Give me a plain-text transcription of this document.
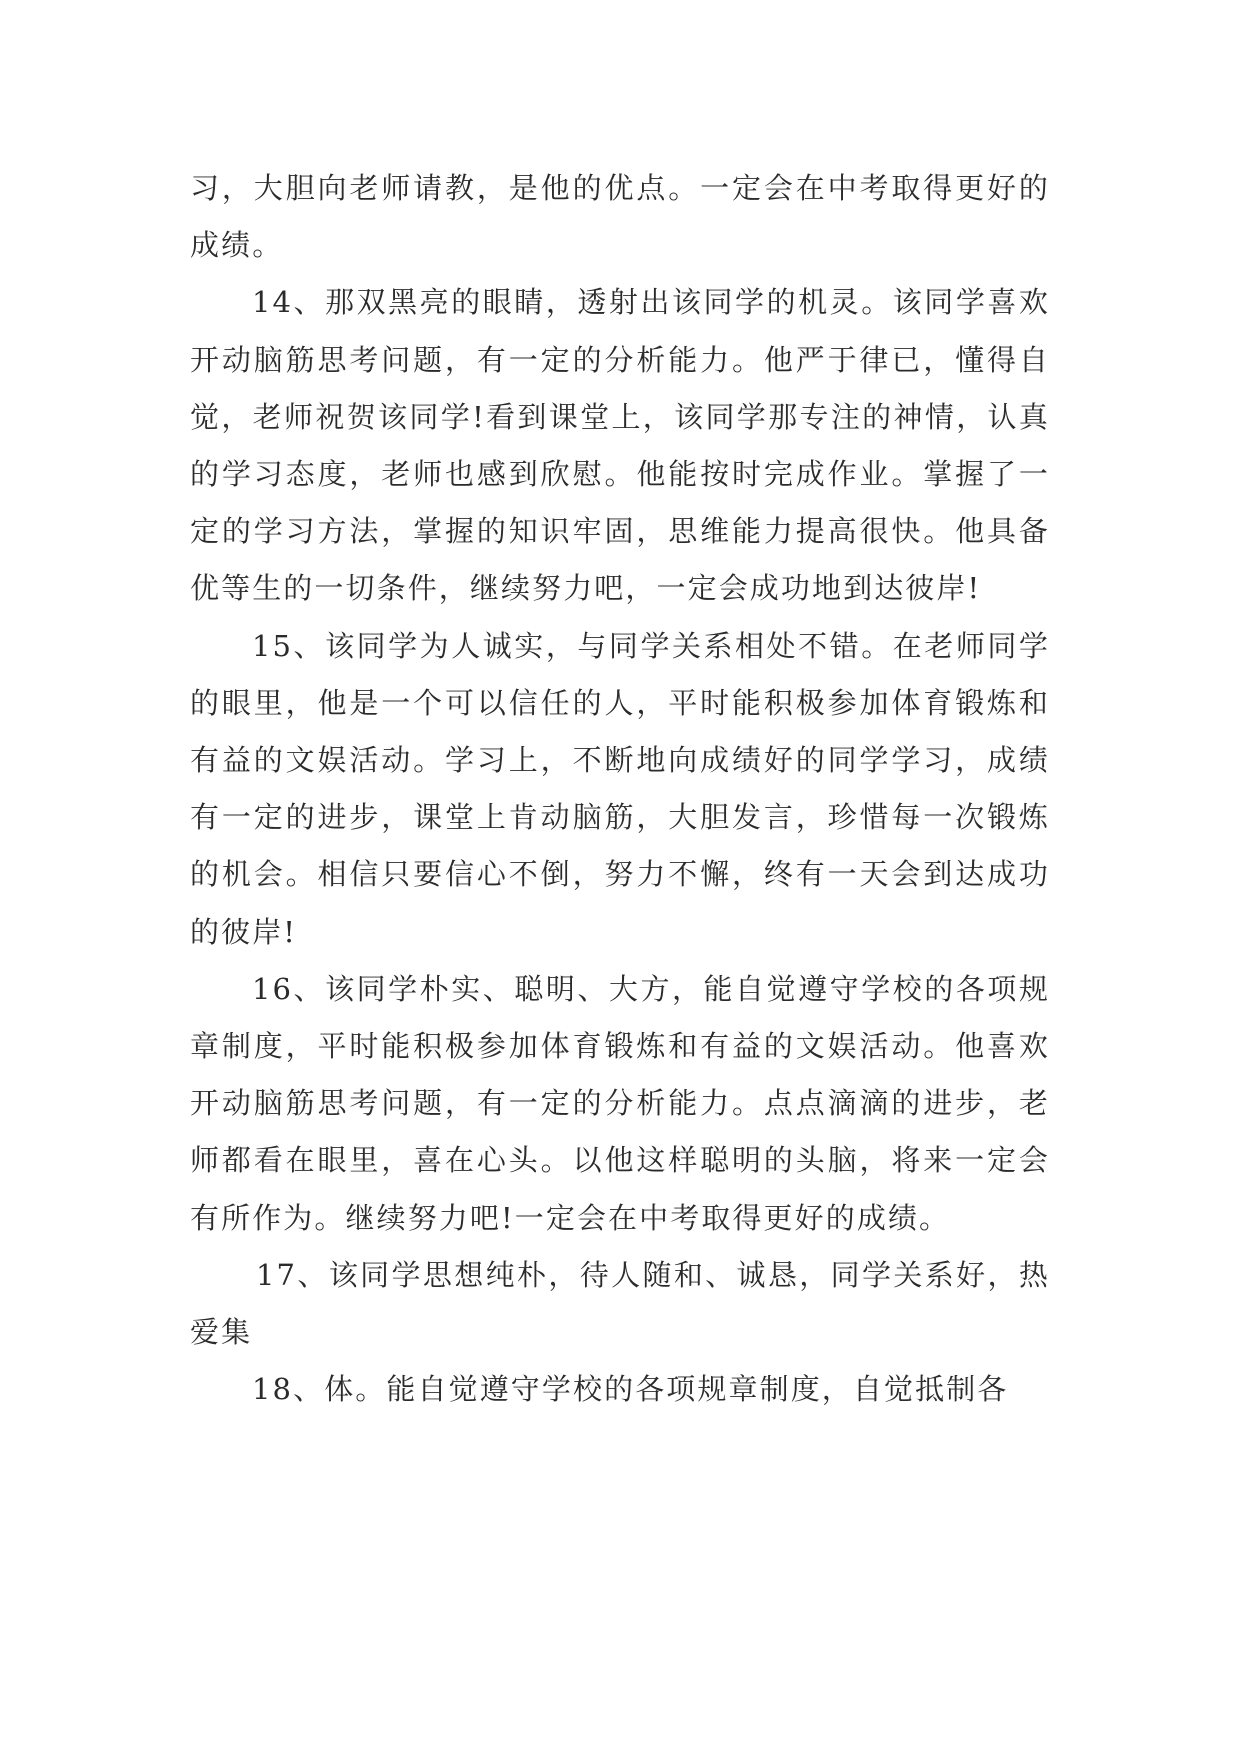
习，大胆向老师请教，是他的优点。一定会在中考取得更好的成绩。

14、那双黑亮的眼睛，透射出该同学的机灵。该同学喜欢开动脑筋思考问题，有一定的分析能力。他严于律已，懂得自觉，老师祝贺该同学!看到课堂上，该同学那专注的神情，认真的学习态度，老师也感到欣慰。他能按时完成作业。掌握了一定的学习方法，掌握的知识牢固，思维能力提高很快。他具备优等生的一切条件，继续努力吧，一定会成功地到达彼岸!

15、该同学为人诚实，与同学关系相处不错。在老师同学的眼里，他是一个可以信任的人，平时能积极参加体育锻炼和有益的文娱活动。学习上，不断地向成绩好的同学学习，成绩有一定的进步，课堂上肯动脑筋，大胆发言，珍惜每一次锻炼的机会。相信只要信心不倒，努力不懈，终有一天会到达成功的彼岸!

16、该同学朴实、聪明、大方，能自觉遵守学校的各项规章制度，平时能积极参加体育锻炼和有益的文娱活动。他喜欢开动脑筋思考问题，有一定的分析能力。点点滴滴的进步，老师都看在眼里，喜在心头。以他这样聪明的头脑，将来一定会有所作为。继续努力吧!一定会在中考取得更好的成绩。

17、该同学思想纯朴，待人随和、诚恳，同学关系好，热爱集

18、体。能自觉遵守学校的各项规章制度，自觉抵制各
